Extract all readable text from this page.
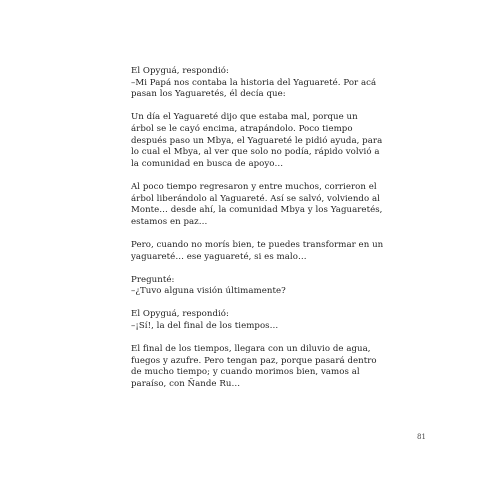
El Opyguá, respondió:
–Mi Papá nos contaba la historia del Yaguareté. Por acá
pasan los Yaguaretés, él decía que:

Un día el Yaguareté dijo que estaba mal, porque un
árbol se le cayó encima, atrapándolo. Poco tiempo
después paso un Mbya, el Yaguareté le pidió ayuda, para
lo cual el Mbya, al ver que solo no podía, rápido volvió a
la comunidad en busca de apoyo…

Al poco tiempo regresaron y entre muchos, corrieron el
árbol liberándolo al Yaguareté. Así se salvó, volviendo al
Monte… desde ahí, la comunidad Mbya y los Yaguaretés,
estamos en paz…

Pero, cuando no morís bien, te puedes transformar en un
yaguareté… ese yaguareté, si es malo…

Pregunté:
–¿Tuvo alguna visión últimamente?

El Opyguá, respondió:
–¡Sí!, la del final de los tiempos…

El final de los tiempos, llegara con un diluvio de agua,
fuegos y azufre. Pero tengan paz, porque pasará dentro
de mucho tiempo; y cuando morimos bien, vamos al
paraíso, con Ñande Ru…

81
